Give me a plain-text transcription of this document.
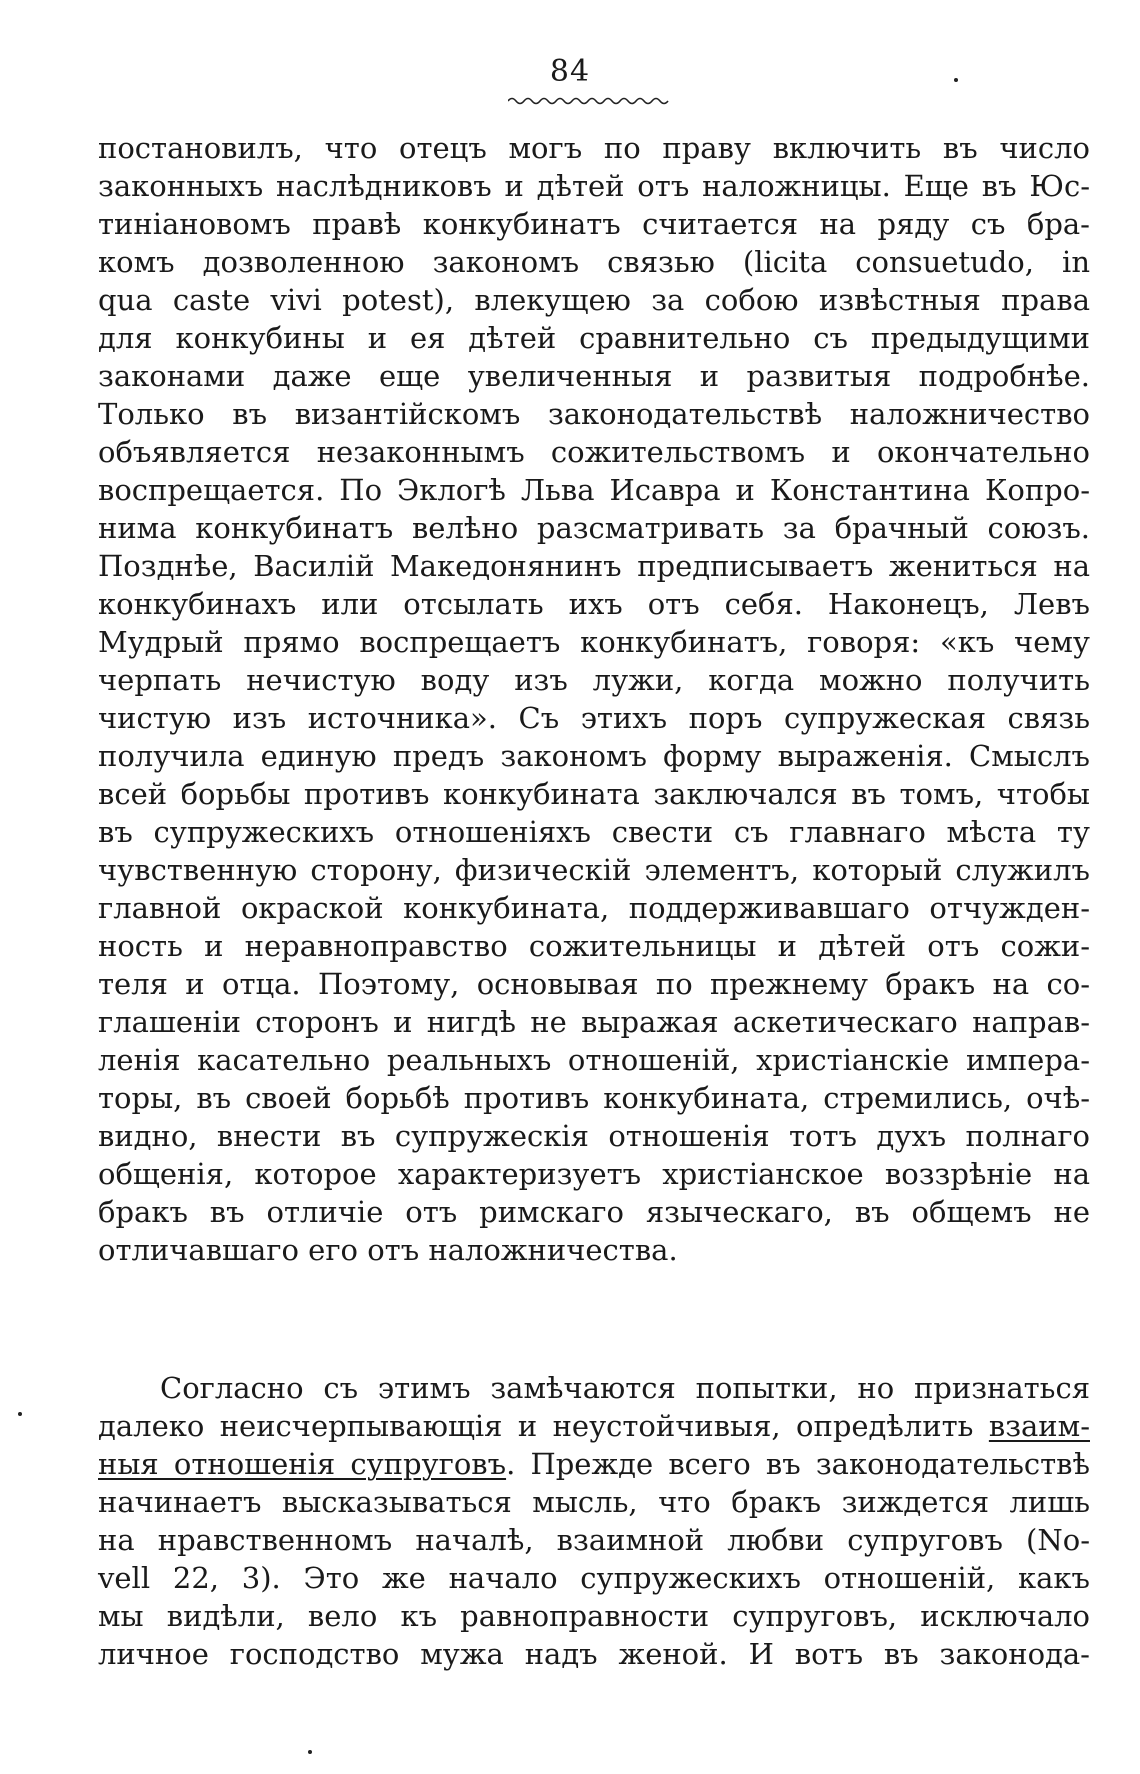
84
постановилъ, что отецъ могъ по праву включить въ число
законныхъ наслѣдниковъ и дѣтей отъ наложницы. Еще въ Юс-
тиніановомъ правѣ конкубинатъ считается на ряду съ бра-
комъ дозволенною закономъ связью (licita consuetudo, in
qua caste vivi potest), влекущею за собою извѣстныя права
для конкубины и ея дѣтей сравнительно съ предыдущими
законами даже еще увеличенныя и развитыя подробнѣе.
Только въ византійскомъ законодательствѣ наложничество
объявляется незаконнымъ сожительствомъ и окончательно
воспрещается. По Эклогѣ Льва Исавра и Константина Копро-
нима конкубинатъ велѣно разсматривать за брачный союзъ.
Позднѣе, Василій Македонянинъ предписываетъ жениться на
конкубинахъ или отсылать ихъ отъ себя. Наконецъ, Левъ
Мудрый прямо воспрещаетъ конкубинатъ, говоря: «къ чему
черпать нечистую воду изъ лужи, когда можно получить
чистую изъ источника». Съ этихъ поръ супружеская связь
получила единую предъ закономъ форму выраженія. Смыслъ
всей борьбы противъ конкубината заключался въ томъ, чтобы
въ супружескихъ отношеніяхъ свести съ главнаго мѣста ту
чувственную сторону, физическій элементъ, который служилъ
главной окраской конкубината, поддерживавшаго отчужден-
ность и неравноправство сожительницы и дѣтей отъ сожи-
теля и отца. Поэтому, основывая по прежнему бракъ на со-
глашеніи сторонъ и нигдѣ не выражая аскетическаго направ-
ленія касательно реальныхъ отношеній, христіанскіе импера-
торы, въ своей борьбѣ противъ конкубината, стремились, очѣ-
видно, внести въ супружескія отношенія тотъ духъ полнаго
общенія, которое характеризуетъ христіанское воззрѣніе на
бракъ въ отличіе отъ римскаго языческаго, въ общемъ не
отличавшаго его отъ наложничества.
Согласно съ этимъ замѣчаются попытки, но признаться
далеко неисчерпывающія и неустойчивыя, опредѣлить взаим-
ныя отношенія супруговъ. Прежде всего въ законодательствѣ
начинаетъ высказываться мысль, что бракъ зиждется лишь
на нравственномъ началѣ, взаимной любви супруговъ (No-
vell 22, 3). Это же начало супружескихъ отношеній, какъ
мы видѣли, вело къ равноправности супруговъ, исключало
личное господство мужа надъ женой. И вотъ въ законода-
